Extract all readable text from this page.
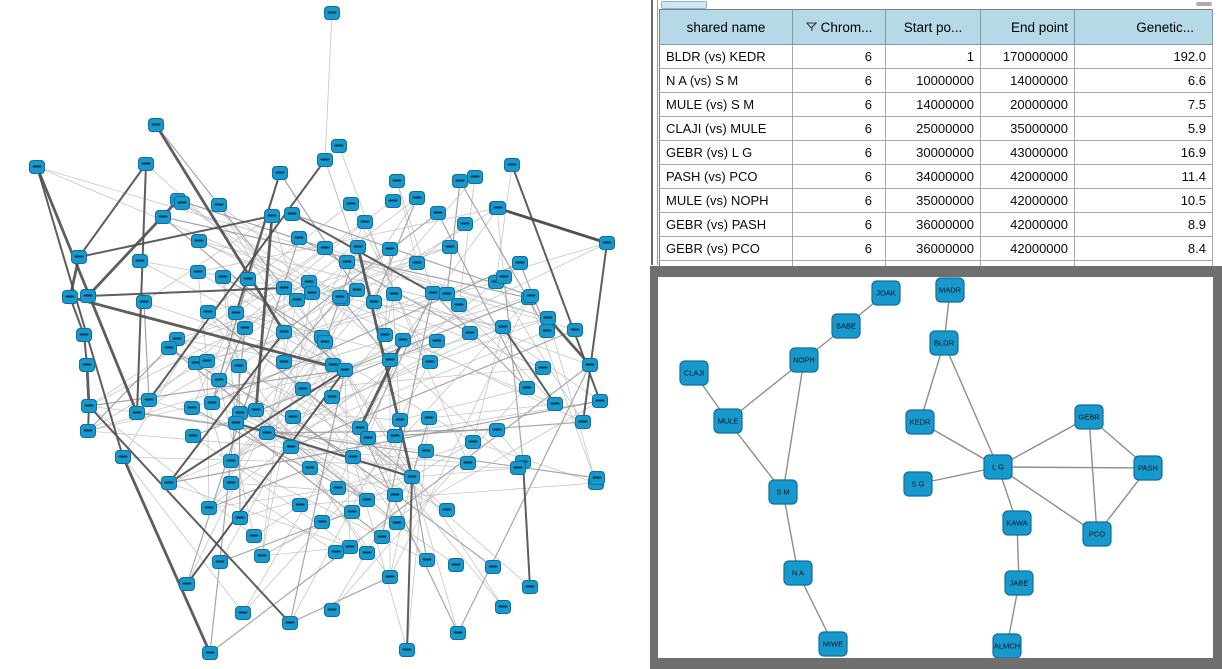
shared name	Chrom...	Start po...	End point	Genetic...
BLDR (vs) KEDR	6	1	170000000	192.0
N A (vs) S M	6	10000000	14000000	6.6
MULE (vs) S M	6	14000000	20000000	7.5
CLAJI (vs) MULE	6	25000000	35000000	5.9
GEBR (vs) L G	6	30000000	43000000	16.9
PASH (vs) PCO	6	34000000	42000000	11.4
MULE (vs) NOPH	6	35000000	42000000	10.5
GEBR (vs) PASH	6	36000000	42000000	8.9
GEBR (vs) PCO	6	36000000	42000000	8.4

JOAK	MADR
SABE
BLDR
NOPH
CLAJI
GEBR
MULE	KEDR
PASH
L G
S G
S M
KAWA
PCO
N A
JABE
MIWE	ALMCH
